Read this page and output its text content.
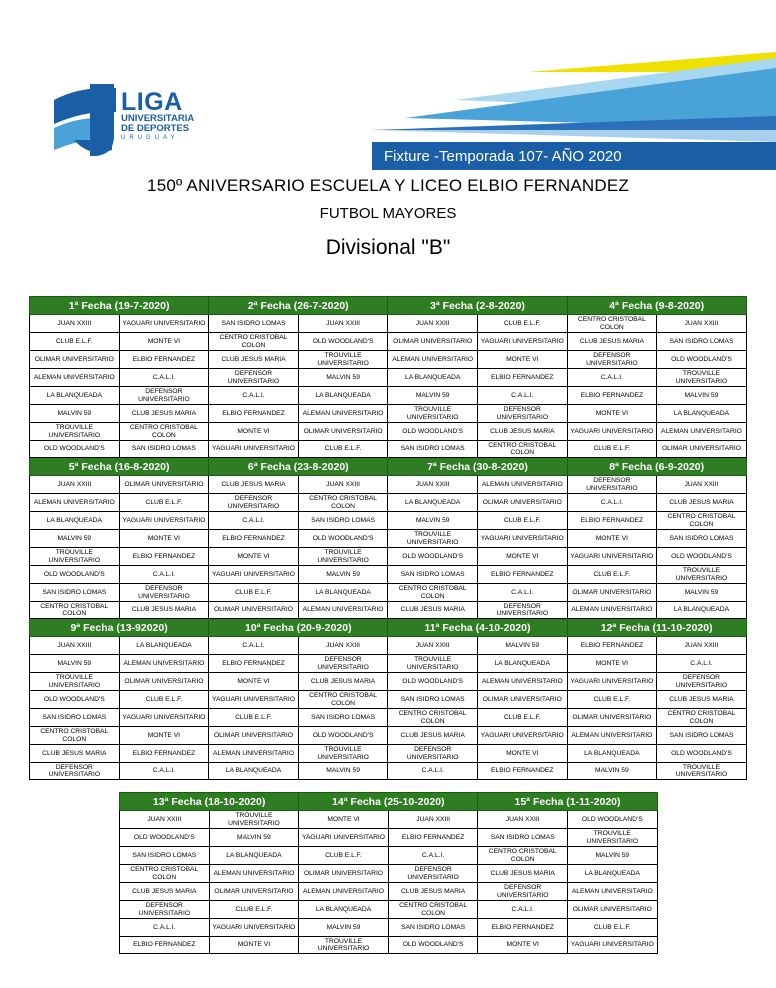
LIGA
UNIVERSITARIA
DE DEPORTES
URUGUAY
Fixture -Temporada 107- AÑO 2020
150º ANIVERSARIO ESCUELA Y LICEO ELBIO FERNANDEZ
FUTBOL MAYORES
Divisional "B"
1ª Fecha (19-7-2020)		2ª Fecha (26-7-2020)		3ª Fecha (2-8-2020)		4ª Fecha (9-8-2020)	
JUAN XXIII	YAGUARI UNIVERSITARIO	SAN ISIDRO LOMAS	JUAN XXIII	JUAN XXIII	CLUB E.L.F.	CENTRO CRISTOBAL COLON	JUAN XXIII
CLUB E.L.F.	MONTE VI	CENTRO CRISTOBAL COLON	OLD WOODLAND'S	OLIMAR UNIVERSITARIO	YAGUARI UNIVERSITARIO	CLUB JESUS MARIA	SAN ISIDRO LOMAS
OLIMAR UNIVERSITARIO	ELBIO FERNANDEZ	CLUB JESUS MARIA	TROUVILLE UNIVERSITARIO	ALEMAN UNIVERSITARIO	MONTE VI	DEFENSOR UNIVERSITARIO	OLD WOODLAND'S
ALEMAN UNIVERSITARIO	C.A.L.I.	DEFENSOR UNIVERSITARIO	MALVIN 59	LA BLANQUEADA	ELBIO FERNANDEZ	C.A.L.I.	TROUVILLE UNIVERSITARIO
LA BLANQUEADA	DEFENSOR UNIVERSITARIO	C.A.L.I.	LA BLANQUEADA	MALVIN 59	C.A.L.I.	ELBIO FERNANDEZ	MALVIN 59
MALVIN 59	CLUB JESUS MARIA	ELBIO FERNANDEZ	ALEMAN UNIVERSITARIO	TROUVILLE UNIVERSITARIO	DEFENSOR UNIVERSITARIO	MONTE VI	LA BLANQUEADA
TROUVILLE UNIVERSITARIO	CENTRO CRISTOBAL COLON	MONTE VI	OLIMAR UNIVERSITARIO	OLD WOODLAND'S	CLUB JESUS MARIA	YAGUARI UNIVERSITARIO	ALEMAN UNIVERSITARIO
OLD WOODLAND'S	SAN ISIDRO LOMAS	YAGUARI UNIVERSITARIO	CLUB E.L.F.	SAN ISIDRO LOMAS	CENTRO CRISTOBAL COLON	CLUB E.L.F.	OLIMAR UNIVERSITARIO
5ª Fecha (16-8-2020)		6ª Fecha (23-8-2020)		7ª Fecha (30-8-2020)		8ª Fecha (6-9-2020)	
JUAN XXIII	OLIMAR UNIVERSITARIO	CLUB JESUS MARIA	JUAN XXIII	JUAN XXIII	ALEMAN UNIVERSITARIO	DEFENSOR UNIVERSITARIO	JUAN XXIII
ALEMAN UNIVERSITARIO	CLUB E.L.F.	DEFENSOR UNIVERSITARIO	CENTRO CRISTOBAL COLON	LA BLANQUEADA	OLIMAR UNIVERSITARIO	C.A.L.I.	CLUB JESUS MARIA
LA BLANQUEADA	YAGUARI UNIVERSITARIO	C.A.L.I.	SAN ISIDRO LOMAS	MALVIN 59	CLUB E.L.F.	ELBIO FERNANDEZ	CENTRO CRISTOBAL COLON
MALVIN 59	MONTE VI	ELBIO FERNANDEZ	OLD WOODLAND'S	TROUVILLE UNIVERSITARIO	YAGUARI UNIVERSITARIO	MONTE VI	SAN ISIDRO LOMAS
TROUVILLE UNIVERSITARIO	ELBIO FERNANDEZ	MONTE VI	TROUVILLE UNIVERSITARIO	OLD WOODLAND'S	MONTE VI	YAGUARI UNIVERSITARIO	OLD WOODLAND'S
OLD WOODLAND'S	C.A.L.I.	YAGUARI UNIVERSITARIO	MALVIN 59	SAN ISIDRO LOMAS	ELBIO FERNANDEZ	CLUB E.L.F.	TROUVILLE UNIVERSITARIO
SAN ISIDRO LOMAS	DEFENSOR UNIVERSITARIO	CLUB E.L.F.	LA BLANQUEADA	CENTRO CRISTOBAL COLON	C.A.L.I.	OLIMAR UNIVERSITARIO	MALVIN 59
CENTRO CRISTOBAL COLON	CLUB JESUS MARIA	OLIMAR UNIVERSITARIO	ALEMAN UNIVERSITARIO	CLUB JESUS MARIA	DEFENSOR UNIVERSITARIO	ALEMAN UNIVERSITARIO	LA BLANQUEADA
9ª Fecha (13-92020)		10ª Fecha (20-9-2020)		11ª Fecha (4-10-2020)		12ª Fecha (11-10-2020)	
JUAN XXIII	LA BLANQUEADA	C.A.L.I.	JUAN XXIII	JUAN XXIII	MALVIN 59	ELBIO FERNANDEZ	JUAN XXIII
MALVIN 59	ALEMAN UNIVERSITARIO	ELBIO FERNANDEZ	DEFENSOR UNIVERSITARIO	TROUVILLE UNIVERSITARIO	LA BLANQUEADA	MONTE VI	C.A.L.I.
TROUVILLE UNIVERSITARIO	OLIMAR UNIVERSITARIO	MONTE VI	CLUB JESUS MARIA	OLD WOODLAND'S	ALEMAN UNIVERSITARIO	YAGUARI UNIVERSITARIO	DEFENSOR UNIVERSITARIO
OLD WOODLAND'S	CLUB E.L.F.	YAGUARI UNIVERSITARIO	CENTRO CRISTOBAL COLON	SAN ISIDRO LOMAS	OLIMAR UNIVERSITARIO	CLUB E.L.F.	CLUB JESUS MARIA
SAN ISIDRO LOMAS	YAGUARI UNIVERSITARIO	CLUB E.L.F.	SAN ISIDRO LOMAS	CENTRO CRISTOBAL COLON	CLUB E.L.F.	OLIMAR UNIVERSITARIO	CENTRO CRISTOBAL COLON
CENTRO CRISTOBAL COLON	MONTE VI	OLIMAR UNIVERSITARIO	OLD WOODLAND'S	CLUB JESUS MARIA	YAGUARI UNIVERSITARIO	ALEMAN UNIVERSITARIO	SAN ISIDRO LOMAS
CLUB JESUS MARIA	ELBIO FERNANDEZ	ALEMAN UNIVERSITARIO	TROUVILLE UNIVERSITARIO	DEFENSOR UNIVERSITARIO	MONTE VI	LA BLANQUEADA	OLD WOODLAND'S
DEFENSOR UNIVERSITARIO	C.A.L.I.	LA BLANQUEADA	MALVIN 59	C.A.L.I.	ELBIO FERNANDEZ	MALVIN 59	TROUVILLE UNIVERSITARIO
13ª Fecha (18-10-2020)		14ª Fecha (25-10-2020)		15ª Fecha (1-11-2020)	
JUAN XXIII	TROUVILLE UNIVERSITARIO	MONTE VI	JUAN XXIII	JUAN XXIII	OLD WOODLAND'S
OLD WOODLAND'S	MALVIN 59	YAGUARI UNIVERSITARIO	ELBIO FERNANDEZ	SAN ISIDRO LOMAS	TROUVILLE UNIVERSITARIO
SAN ISIDRO LOMAS	LA BLANQUEADA	CLUB E.L.F.	C.A.L.I.	CENTRO CRISTOBAL COLON	MALVIN 59
CENTRO CRISTOBAL COLON	ALEMAN UNIVERSITARIO	OLIMAR UNIVERSITARIO	DEFENSOR UNIVERSITARIO	CLUB JESUS MARIA	LA BLANQUEADA
CLUB JESUS MARIA	OLIMAR UNIVERSITARIO	ALEMAN UNIVERSITARIO	CLUB JESUS MARIA	DEFENSOR UNIVERSITARIO	ALEMAN UNIVERSITARIO
DEFENSOR UNIVERSITARIO	CLUB E.L.F.	LA BLANQUEADA	CENTRO CRISTOBAL COLON	C.A.L.I.	OLIMAR UNIVERSITARIO
C.A.L.I.	YAGUARI UNIVERSITARIO	MALVIN 59	SAN ISIDRO LOMAS	ELBIO FERNANDEZ	CLUB E.L.F.
ELBIO FERNANDEZ	MONTE VI	TROUVILLE UNIVERSITARIO	OLD WOODLAND'S	MONTE VI	YAGUARI UNIVERSITARIO
